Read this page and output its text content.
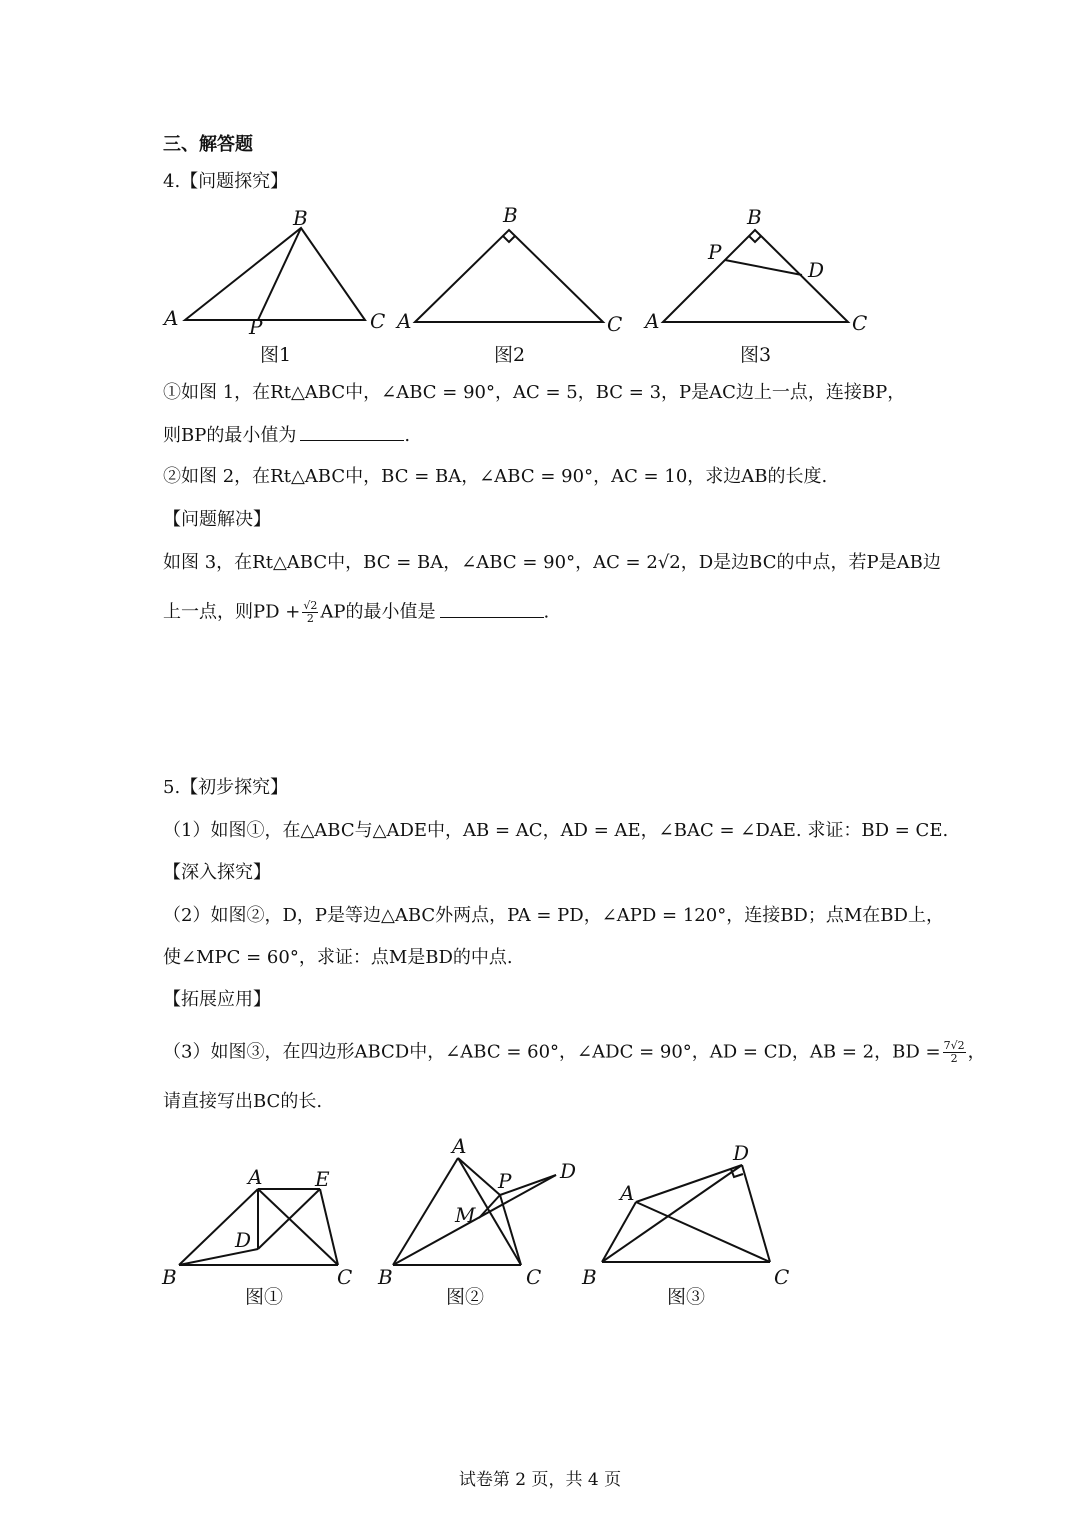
三、解答题
4.【问题探究】
B
A	P	C
B
A	C
B
P
D
A	C
图1	图2	图3
①如图 1，在Rt△ABC中，∠ABC = 90°，AC = 5，BC = 3，P是AC边上一点，连接BP，
则BP的最小值为	.
②如图 2，在Rt△ABC中，BC = BA，∠ABC = 90°，AC = 10，求边AB的长度.
【问题解决】
如图 3，在Rt△ABC中，BC = BA，∠ABC = 90°，AC = 2√2，D是边BC的中点，若P是AB边
上一点，则PD + $\frac{√2}{2}$ AP的最小值是	.
5.【初步探究】
（1）如图①，在△ABC与△ADE中，AB = AC，AD = AE，∠BAC = ∠DAE. 求证：BD = CE.
【深入探究】
（2）如图②，D，P是等边△ABC外两点，PA = PD，∠APD = 120°，连接BD；点M在BD上，
使∠MPC = 60°，求证：点M是BD的中点.
【拓展应用】
（3）如图③，在四边形ABCD中，∠ABC = 60°，∠ADC = 90°，AD = CD，AB = 2，BD = $\frac{7√2}{2}$ ，
请直接写出BC的长.
A	E
D
B	C
A
D
P
M
B	C
D
A
B	C
图①	图②	图③
试卷第 2 页，共 4 页
